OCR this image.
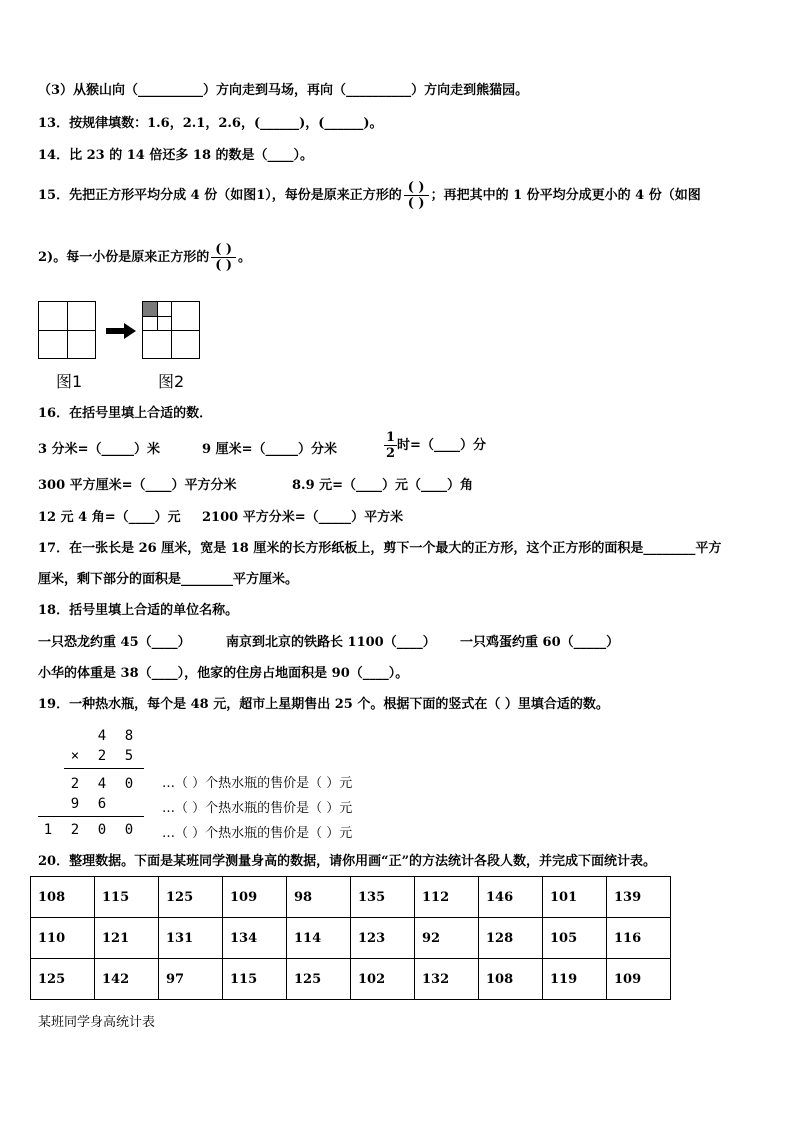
（3）从猴山向（__________）方向走到马场，再向（__________）方向走到熊猫园。
13．按规律填数：1.6，2.1，2.6，(______)，(______)。
14．比 23 的 14 倍还多 18 的数是（____）。
15．先把正方形平均分成 4 份（如图1），每份是原来正方形的 $\frac{( )}{( )}$ ；再把其中的 1 份平均分成更小的 4 份（如图
2)。每一小份是原来正方形的 $\frac{( )}{( )}$ 。
图1	图2
16．在括号里填上合适的数．
3 分米=（_____）米	9 厘米=（_____）分米	$\frac{1}{2}$ 时=（____）分
300 平方厘米=（____）平方分米	8.9 元=（____）元（____）角
12 元 4 角=（____）元 2100 平方分米=（_____）平方米
17．在一张长是 26 厘米，宽是 18 厘米的长方形纸板上，剪下一个最大的正方形，这个正方形的面积是________平方
厘米，剩下部分的面积是________平方厘米。
18．括号里填上合适的单位名称。
一只恐龙约重 45（____）	南京到北京的铁路长 1100（____） 一只鸡蛋约重 60（_____）
小华的体重是 38（____），他家的住房占地面积是 90（____）。
19．一种热水瓶，每个是 48 元，超市上星期售出 25 个。根据下面的竖式在（ ）里填合适的数。
4 8
× 2 5
2 4 0
9 6
1 2 0 0
…（ ）个热水瓶的售价是（ ）元
…（ ）个热水瓶的售价是（ ）元
…（ ）个热水瓶的售价是（ ）元
20．整理数据。下面是某班同学测量身高的数据，请你用画“正”的方法统计各段人数，并完成下面统计表。
108	115	125	109	98	135	112	146	101	139
110	121	131	134	114	123	92	128	105	116
125	142	97	115	125	102	132	108	119	109
某班同学身高统计表
